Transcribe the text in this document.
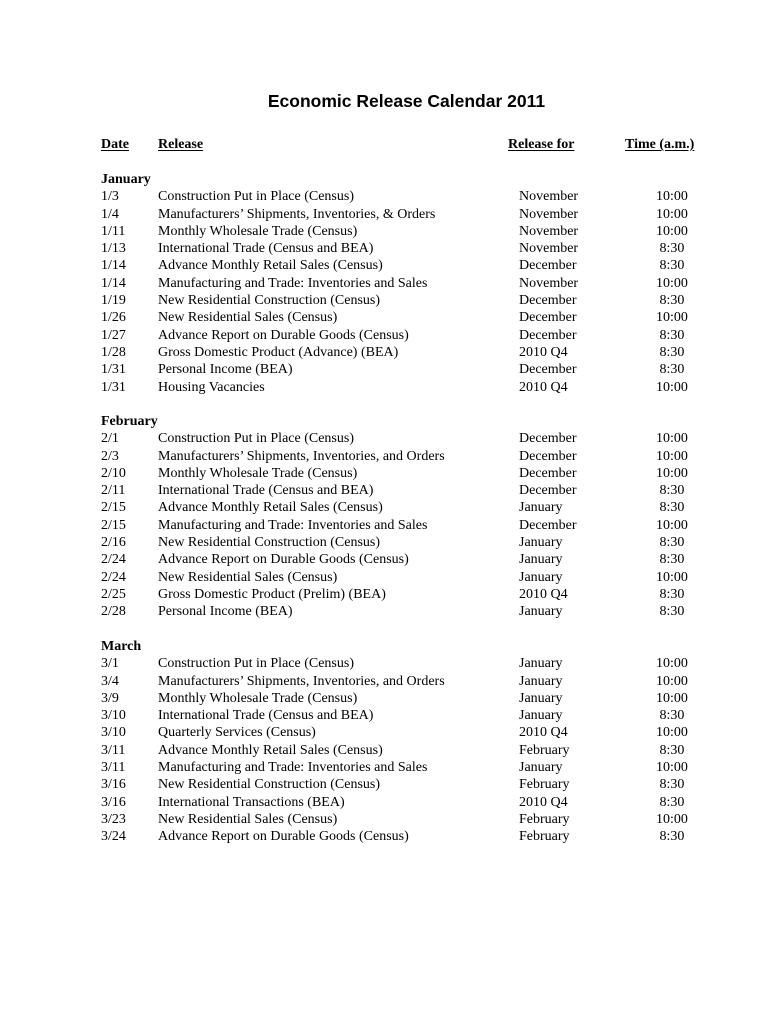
Economic Release Calendar 2011
Date Release	Release for	Time (a.m.)
January
1/3	Construction Put in Place (Census)	November	10:00
1/4	Manufacturers’ Shipments, Inventories, & Orders	November	10:00
1/11 Monthly Wholesale Trade (Census)	November	10:00
1/13 International Trade (Census and BEA)	November	8:30
1/14 Advance Monthly Retail Sales (Census)	December	8:30
1/14 Manufacturing and Trade: Inventories and Sales	November	10:00
1/19 New Residential Construction (Census)	December	8:30
1/26 New Residential Sales (Census)	December	10:00
1/27 Advance Report on Durable Goods (Census)	December	8:30
1/28 Gross Domestic Product (Advance) (BEA)	2010 Q4	8:30
1/31 Personal Income (BEA)	December	8:30
1/31 Housing Vacancies	2010 Q4	10:00
February
2/1	Construction Put in Place (Census)	December	10:00
2/3	Manufacturers’ Shipments, Inventories, and Orders	December	10:00
2/10 Monthly Wholesale Trade (Census)	December	10:00
2/11 International Trade (Census and BEA)	December	8:30
2/15 Advance Monthly Retail Sales (Census)	January	8:30
2/15 Manufacturing and Trade: Inventories and Sales	December	10:00
2/16 New Residential Construction (Census)	January	8:30
2/24 Advance Report on Durable Goods (Census)	January	8:30
2/24 New Residential Sales (Census)	January	10:00
2/25 Gross Domestic Product (Prelim) (BEA)	2010 Q4	8:30
2/28 Personal Income (BEA)	January	8:30
March
3/1	Construction Put in Place (Census)	January	10:00
3/4	Manufacturers’ Shipments, Inventories, and Orders	January	10:00
3/9	Monthly Wholesale Trade (Census)	January	10:00
3/10 International Trade (Census and BEA)	January	8:30
3/10 Quarterly Services (Census)	2010 Q4	10:00
3/11 Advance Monthly Retail Sales (Census)	February	8:30
3/11 Manufacturing and Trade: Inventories and Sales	January	10:00
3/16 New Residential Construction (Census)	February	8:30
3/16 International Transactions (BEA)	2010 Q4	8:30
3/23 New Residential Sales (Census)	February	10:00
3/24 Advance Report on Durable Goods (Census)	February	8:30
